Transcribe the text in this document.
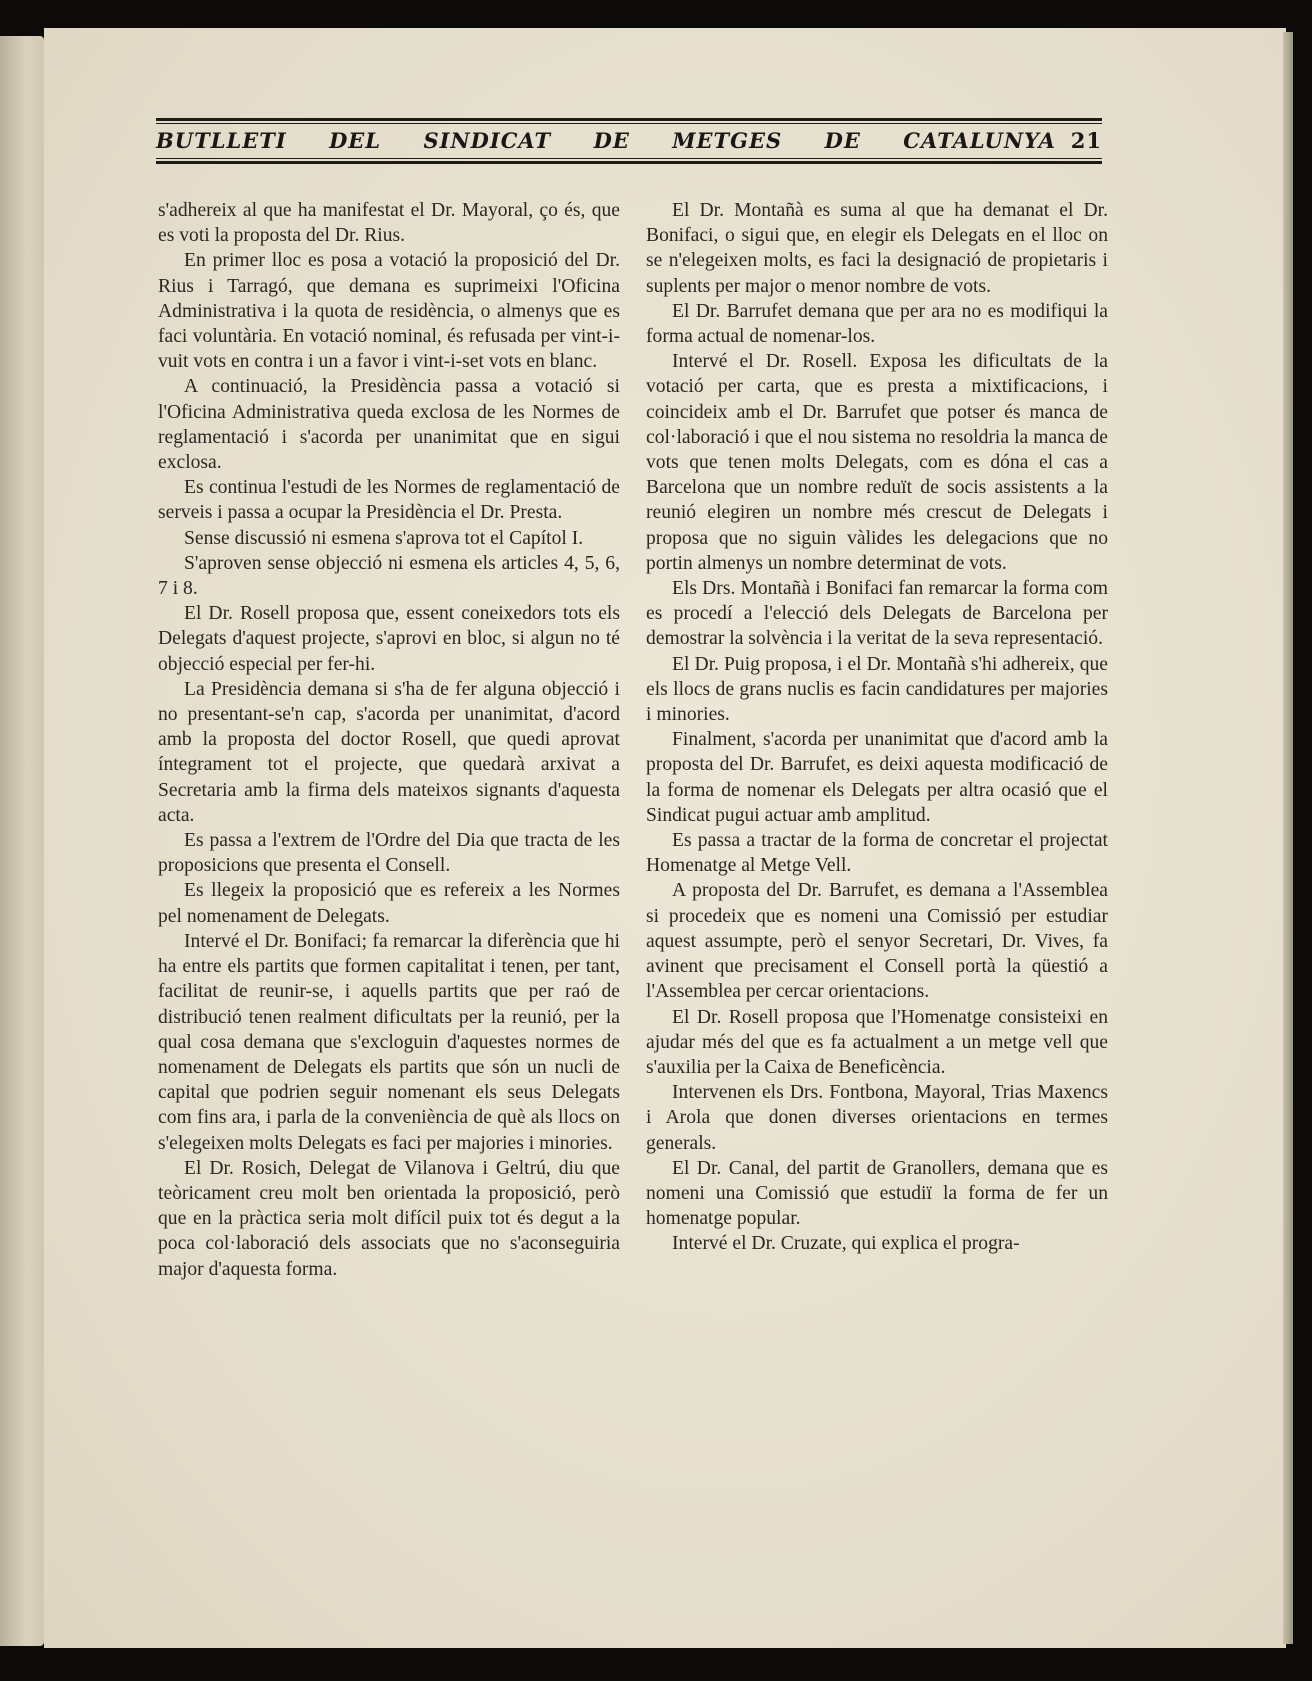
BUTLLETI DEL SINDICAT DE METGES DE CATALUNYA 21

s'adhereix al que ha manifestat el Dr. Mayoral, ço és, que es voti la proposta del Dr. Rius.

En primer lloc es posa a votació la proposició del Dr. Rius i Tarragó, que demana es suprimeixi l'Oficina Administrativa i la quota de residència, o almenys que es faci voluntària. En votació nominal, és refusada per vint-i-vuit vots en contra i un a favor i vint-i-set vots en blanc.

A continuació, la Presidència passa a votació si l'Oficina Administrativa queda exclosa de les Normes de reglamentació i s'acorda per unanimitat que en sigui exclosa.

Es continua l'estudi de les Normes de reglamentació de serveis i passa a ocupar la Presidència el Dr. Presta.

Sense discussió ni esmena s'aprova tot el Capítol I.

S'aproven sense objecció ni esmena els articles 4, 5, 6, 7 i 8.

El Dr. Rosell proposa que, essent coneixedors tots els Delegats d'aquest projecte, s'aprovi en bloc, si algun no té objecció especial per fer-hi.

La Presidència demana si s'ha de fer alguna objecció i no presentant-se'n cap, s'acorda per unanimitat, d'acord amb la proposta del doctor Rosell, que quedi aprovat íntegrament tot el projecte, que quedarà arxivat a Secretaria amb la firma dels mateixos signants d'aquesta acta.

Es passa a l'extrem de l'Ordre del Dia que tracta de les proposicions que presenta el Consell.

Es llegeix la proposició que es refereix a les Normes pel nomenament de Delegats.

Intervé el Dr. Bonifaci; fa remarcar la diferència que hi ha entre els partits que formen capitalitat i tenen, per tant, facilitat de reunir-se, i aquells partits que per raó de distribució tenen realment dificultats per la reunió, per la qual cosa demana que s'excloguin d'aquestes normes de nomenament de Delegats els partits que són un nucli de capital que podrien seguir nomenant els seus Delegats com fins ara, i parla de la conveniència de què als llocs on s'elegeixen molts Delegats es faci per majories i minories.

El Dr. Rosich, Delegat de Vilanova i Geltrú, diu que teòricament creu molt ben orientada la proposició, però que en la pràctica seria molt difícil puix tot és degut a la poca col·laboració dels associats que no s'aconseguiria major d'aquesta forma.

El Dr. Montañà es suma al que ha demanat el Dr. Bonifaci, o sigui que, en elegir els Delegats en el lloc on se n'elegeixen molts, es faci la designació de propietaris i suplents per major o menor nombre de vots.

El Dr. Barrufet demana que per ara no es modifiqui la forma actual de nomenar-los.

Intervé el Dr. Rosell. Exposa les dificultats de la votació per carta, que es presta a mixtificacions, i coincideix amb el Dr. Barrufet que potser és manca de col·laboració i que el nou sistema no resoldria la manca de vots que tenen molts Delegats, com es dóna el cas a Barcelona que un nombre reduït de socis assistents a la reunió elegiren un nombre més crescut de Delegats i proposa que no siguin vàlides les delegacions que no portin almenys un nombre determinat de vots.

Els Drs. Montañà i Bonifaci fan remarcar la forma com es procedí a l'elecció dels Delegats de Barcelona per demostrar la solvència i la veritat de la seva representació.

El Dr. Puig proposa, i el Dr. Montañà s'hi adhereix, que els llocs de grans nuclis es facin candidatures per majories i minories.

Finalment, s'acorda per unanimitat que d'acord amb la proposta del Dr. Barrufet, es deixi aquesta modificació de la forma de nomenar els Delegats per altra ocasió que el Sindicat pugui actuar amb amplitud.

Es passa a tractar de la forma de concretar el projectat Homenatge al Metge Vell.

A proposta del Dr. Barrufet, es demana a l'Assemblea si procedeix que es nomeni una Comissió per estudiar aquest assumpte, però el senyor Secretari, Dr. Vives, fa avinent que precisament el Consell portà la qüestió a l'Assemblea per cercar orientacions.

El Dr. Rosell proposa que l'Homenatge consisteixi en ajudar més del que es fa actualment a un metge vell que s'auxilia per la Caixa de Beneficència.

Intervenen els Drs. Fontbona, Mayoral, Trias Maxencs i Arola que donen diverses orientacions en termes generals.

El Dr. Canal, del partit de Granollers, demana que es nomeni una Comissió que estudiï la forma de fer un homenatge popular.

Intervé el Dr. Cruzate, qui explica el progra-
